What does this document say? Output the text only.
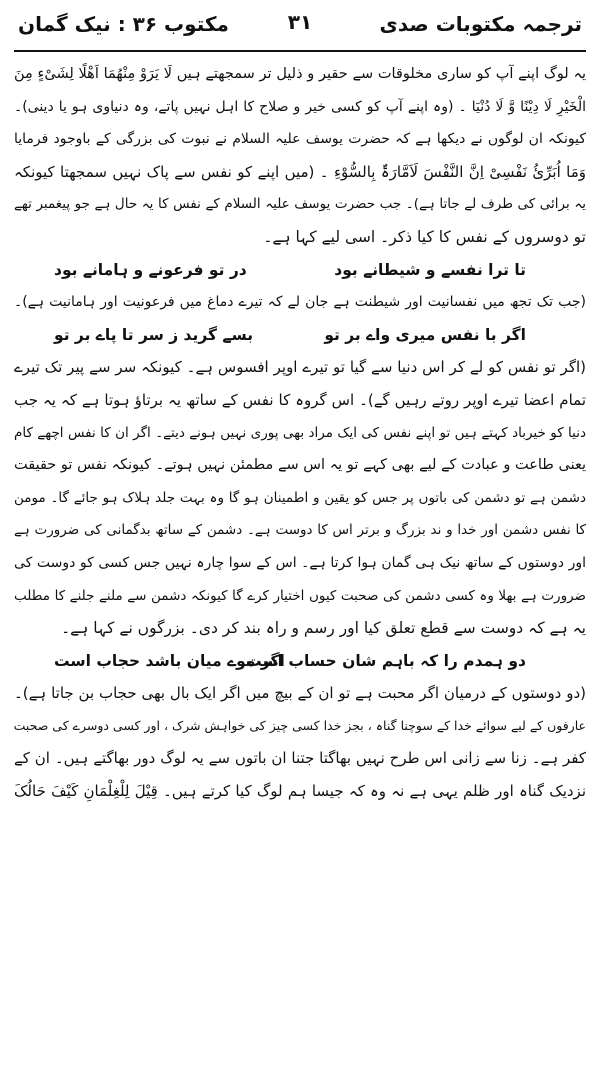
ترجمہ مکتوبات صدی
۳۱
مکتوب ۳۶ : نیک گمان
یہ لوگ اپنے آپ کو ساری مخلوقات سے حقیر و ذلیل تر سمجھتے ہیں لَا یَرَوْ مِنْهُمَا اَهْلًا لِشَیْءٍ مِنَ
الْخَیْرِ لَا دِیْنًا وَّ لَا دُنْیَا ۔ (وہ اپنے آپ کو کسی خیر و صلاح کا اہل نہیں پاتے، وہ دنیاوی ہو یا دینی)۔
کیونکہ ان لوگوں نے دیکھا ہے کہ حضرت یوسف علیہ السلام نے نبوت کی بزرگی کے باوجود فرمایا
وَمَا اُبَرِّئُ نَفْسِیْ اِنَّ النَّفْسَ لَاَمَّارَۃٌ بِالسُّوْءِ ۔ (میں اپنے کو نفس سے پاک نہیں سمجھتا کیونکہ
یہ برائی کی طرف لے جاتا ہے)۔ جب حضرت یوسف علیہ السلام کے نفس کا یہ حال ہے جو پیغمبر تھے
تو دوسروں کے نفس کا کیا ذکر۔ اسی لیے کہا ہے۔
تا ترا نفسے و شیطانے بود
در تو فرعونے و ہامانے بود
(جب تک تجھ میں نفسانیت اور شیطنت ہے جان لے کہ تیرے دماغ میں فرعونیت اور ہامانیت ہے)۔
اگر با نفس میری واے بر تو
بسے گرید ز سر تا پاے بر تو
(اگر تو نفس کو لے کر اس دنیا سے گیا تو تیرے اوپر افسوس ہے۔ کیونکہ سر سے پیر تک تیرے
تمام اعضا تیرے اوپر روتے رہیں گے)۔ اس گروہ کا نفس کے ساتھ یہ برتاؤ ہوتا ہے کہ یہ جب
دنیا کو خیرباد کہتے ہیں تو اپنے نفس کی ایک مراد بھی پوری نہیں ہونے دیتے۔ اگر ان کا نفس اچھے کام
یعنی طاعت و عبادت کے لیے بھی کہے تو یہ اس سے مطمئن نہیں ہوتے۔ کیونکہ نفس تو حقیقت
دشمن ہے تو دشمن کی باتوں پر جس کو یقین و اطمینان ہو گا وہ بہت جلد ہلاک ہو جائے گا۔ مومن
کا نفس دشمن اور خدا و ند بزرگ و برتر اس کا دوست ہے۔ دشمن کے ساتھ بدگمانی کی ضرورت ہے
اور دوستوں کے ساتھ نیک ہی گمان ہوا کرتا ہے۔ اس کے سوا چارہ نہیں جس کسی کو دوست کی
ضرورت ہے بھلا وہ کسی دشمن کی صحبت کیوں اختیار کرے گا کیونکہ دشمن سے ملنے جلنے کا مطلب
یہ ہے کہ دوست سے قطع تعلق کیا اور رسم و راہ بند کر دی۔ بزرگوں نے کہا ہے۔
دو ہمدم را کہ باہم شان حساب است
اگر موے میان باشد حجاب است
(دو دوستوں کے درمیان اگر محبت ہے تو ان کے بیچ میں اگر ایک بال بھی حجاب بن جاتا ہے)۔
عارفوں کے لیے سوائے خدا کے سوچنا گناہ ، بجز خدا کسی چیز کی خواہش شرک ، اور کسی دوسرے کی صحبت
کفر ہے۔ زنا سے زانی اس طرح نہیں بھاگتا جتنا ان باتوں سے یہ لوگ دور بھاگتے ہیں۔ ان کے
نزدیک گناہ اور ظلم یہی ہے نہ وہ کہ جیسا ہم لوگ کیا کرتے ہیں۔ قِیْلَ لِلْغِلْمَانِ کَیْفَ حَالُکَ
